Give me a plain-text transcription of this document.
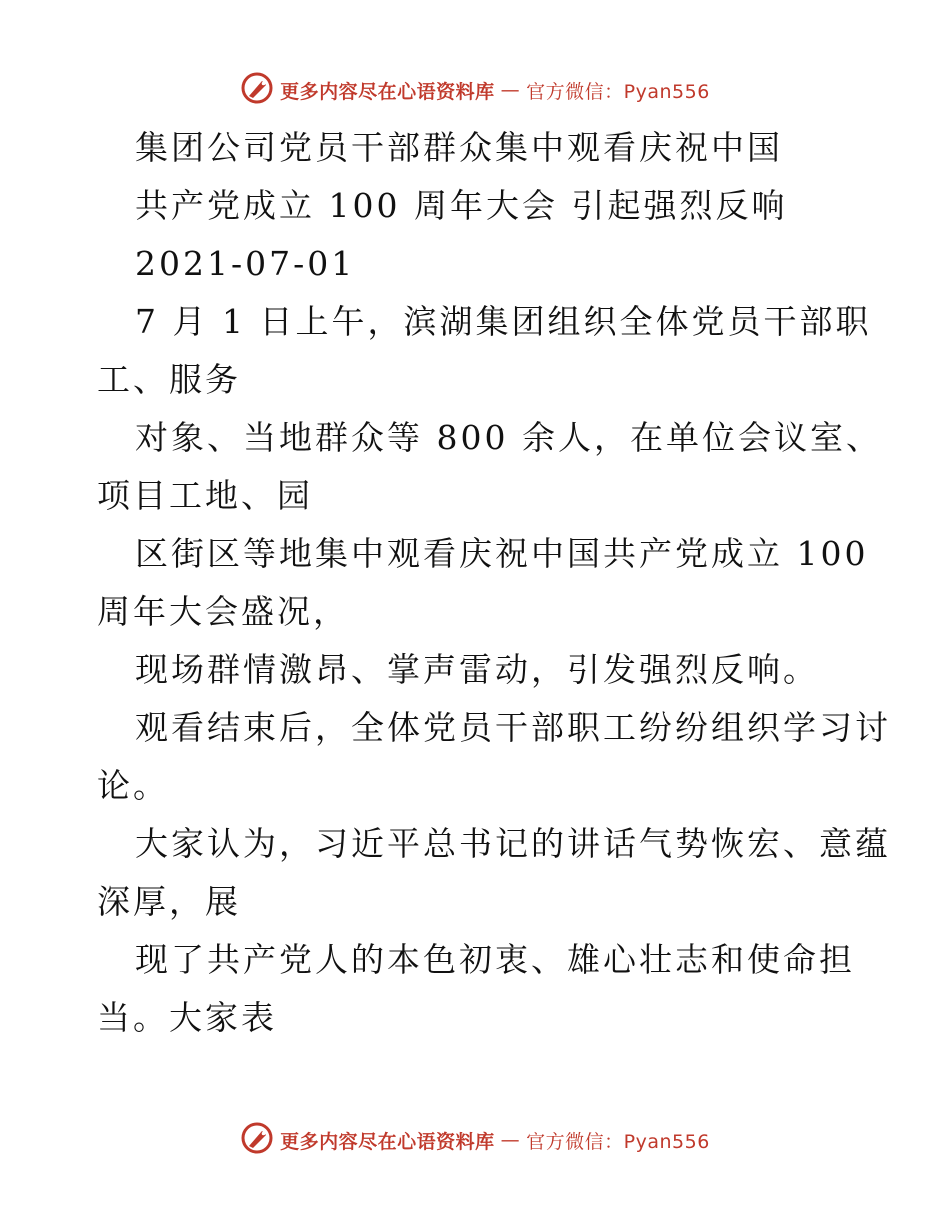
更多内容尽在心语资料库 — 官方微信：Pyan556
集团公司党员干部群众集中观看庆祝中国
共产党成立 100 周年大会 引起强烈反响
2021-07-01
7 月 1 日上午，滨湖集团组织全体党员干部职
工、服务
对象、当地群众等 800 余人，在单位会议室、
项目工地、园
区街区等地集中观看庆祝中国共产党成立 100
周年大会盛况，
现场群情激昂、掌声雷动，引发强烈反响。
观看结束后，全体党员干部职工纷纷组织学习讨
论。
大家认为，习近平总书记的讲话气势恢宏、意蕴
深厚，展
现了共产党人的本色初衷、雄心壮志和使命担
当。大家表
更多内容尽在心语资料库 — 官方微信：Pyan556
